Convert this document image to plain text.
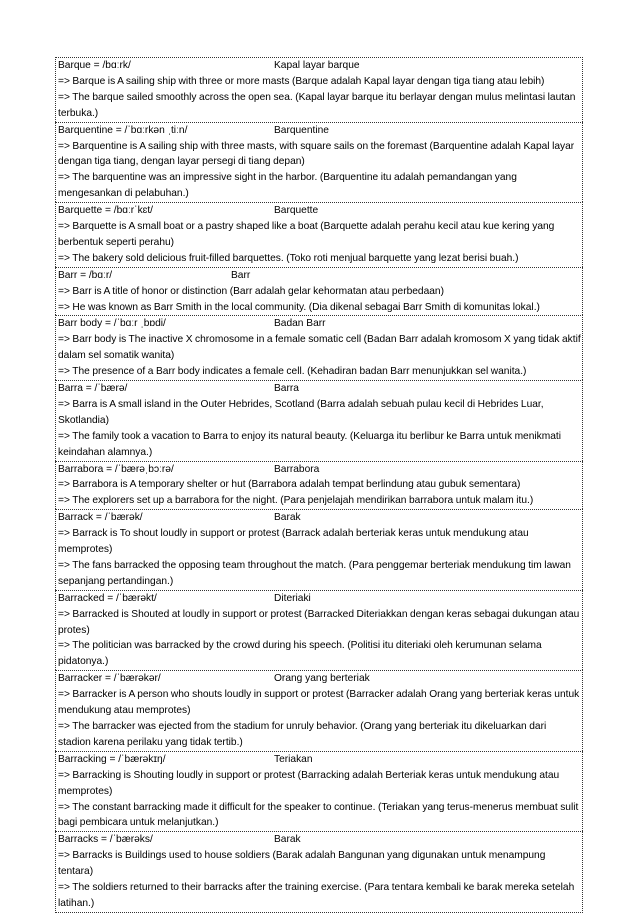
Barque = /bɑːrk/	Kapal layar barque
=> Barque is A sailing ship with three or more masts (Barque adalah Kapal layar dengan tiga tiang atau lebih)
=> The barque sailed smoothly across the open sea. (Kapal layar barque itu berlayar dengan mulus melintasi lautan terbuka.)
Barquentine = /ˈbɑːrkən ˌtiːn/	Barquentine
=> Barquentine is A sailing ship with three masts, with square sails on the foremast (Barquentine adalah Kapal layar dengan tiga tiang, dengan layar persegi di tiang depan)
=> The barquentine was an impressive sight in the harbor. (Barquentine itu adalah pemandangan yang mengesankan di pelabuhan.)
Barquette = /bɑːrˈkɛt/	Barquette
=> Barquette is A small boat or a pastry shaped like a boat (Barquette adalah perahu kecil atau kue kering yang berbentuk seperti perahu)
=> The bakery sold delicious fruit-filled barquettes. (Toko roti menjual barquette yang lezat berisi buah.)
Barr = /bɑːr/	Barr
=> Barr is A title of honor or distinction (Barr adalah gelar kehormatan atau perbedaan)
=> He was known as Barr Smith in the local community. (Dia dikenal sebagai Barr Smith di komunitas lokal.)
Barr body = /ˈbɑːr ˌbɒdi/	Badan Barr
=> Barr body is The inactive X chromosome in a female somatic cell (Badan Barr adalah kromosom X yang tidak aktif dalam sel somatik wanita)
=> The presence of a Barr body indicates a female cell. (Kehadiran badan Barr menunjukkan sel wanita.)
Barra = /ˈbærə/	Barra
=> Barra is A small island in the Outer Hebrides, Scotland (Barra adalah sebuah pulau kecil di Hebrides Luar, Skotlandia)
=> The family took a vacation to Barra to enjoy its natural beauty. (Keluarga itu berlibur ke Barra untuk menikmati keindahan alamnya.)
Barrabora = /ˈbærəˌbɔːrə/	Barrabora
=> Barrabora is A temporary shelter or hut (Barrabora adalah tempat berlindung atau gubuk sementara)
=> The explorers set up a barrabora for the night. (Para penjelajah mendirikan barrabora untuk malam itu.)
Barrack = /ˈbærək/	Barak
=> Barrack is To shout loudly in support or protest (Barrack adalah berteriak keras untuk mendukung atau memprotes)
=> The fans barracked the opposing team throughout the match. (Para penggemar berteriak mendukung tim lawan sepanjang pertandingan.)
Barracked = /ˈbærəkt/	Diteriaki
=> Barracked is Shouted at loudly in support or protest (Barracked Diteriakkan dengan keras sebagai dukungan atau protes)
=> The politician was barracked by the crowd during his speech. (Politisi itu diteriaki oleh kerumunan selama pidatonya.)
Barracker = /ˈbærəkər/	Orang yang berteriak
=> Barracker is A person who shouts loudly in support or protest (Barracker adalah Orang yang berteriak keras untuk mendukung atau memprotes)
=> The barracker was ejected from the stadium for unruly behavior. (Orang yang berteriak itu dikeluarkan dari stadion karena perilaku yang tidak tertib.)
Barracking = /ˈbærəkɪŋ/	Teriakan
=> Barracking is Shouting loudly in support or protest (Barracking adalah Berteriak keras untuk mendukung atau memprotes)
=> The constant barracking made it difficult for the speaker to continue. (Teriakan yang terus-menerus membuat sulit bagi pembicara untuk melanjutkan.)
Barracks = /ˈbærəks/	Barak
=> Barracks is Buildings used to house soldiers (Barak adalah Bangunan yang digunakan untuk menampung tentara)
=> The soldiers returned to their barracks after the training exercise. (Para tentara kembali ke barak mereka setelah latihan.)
